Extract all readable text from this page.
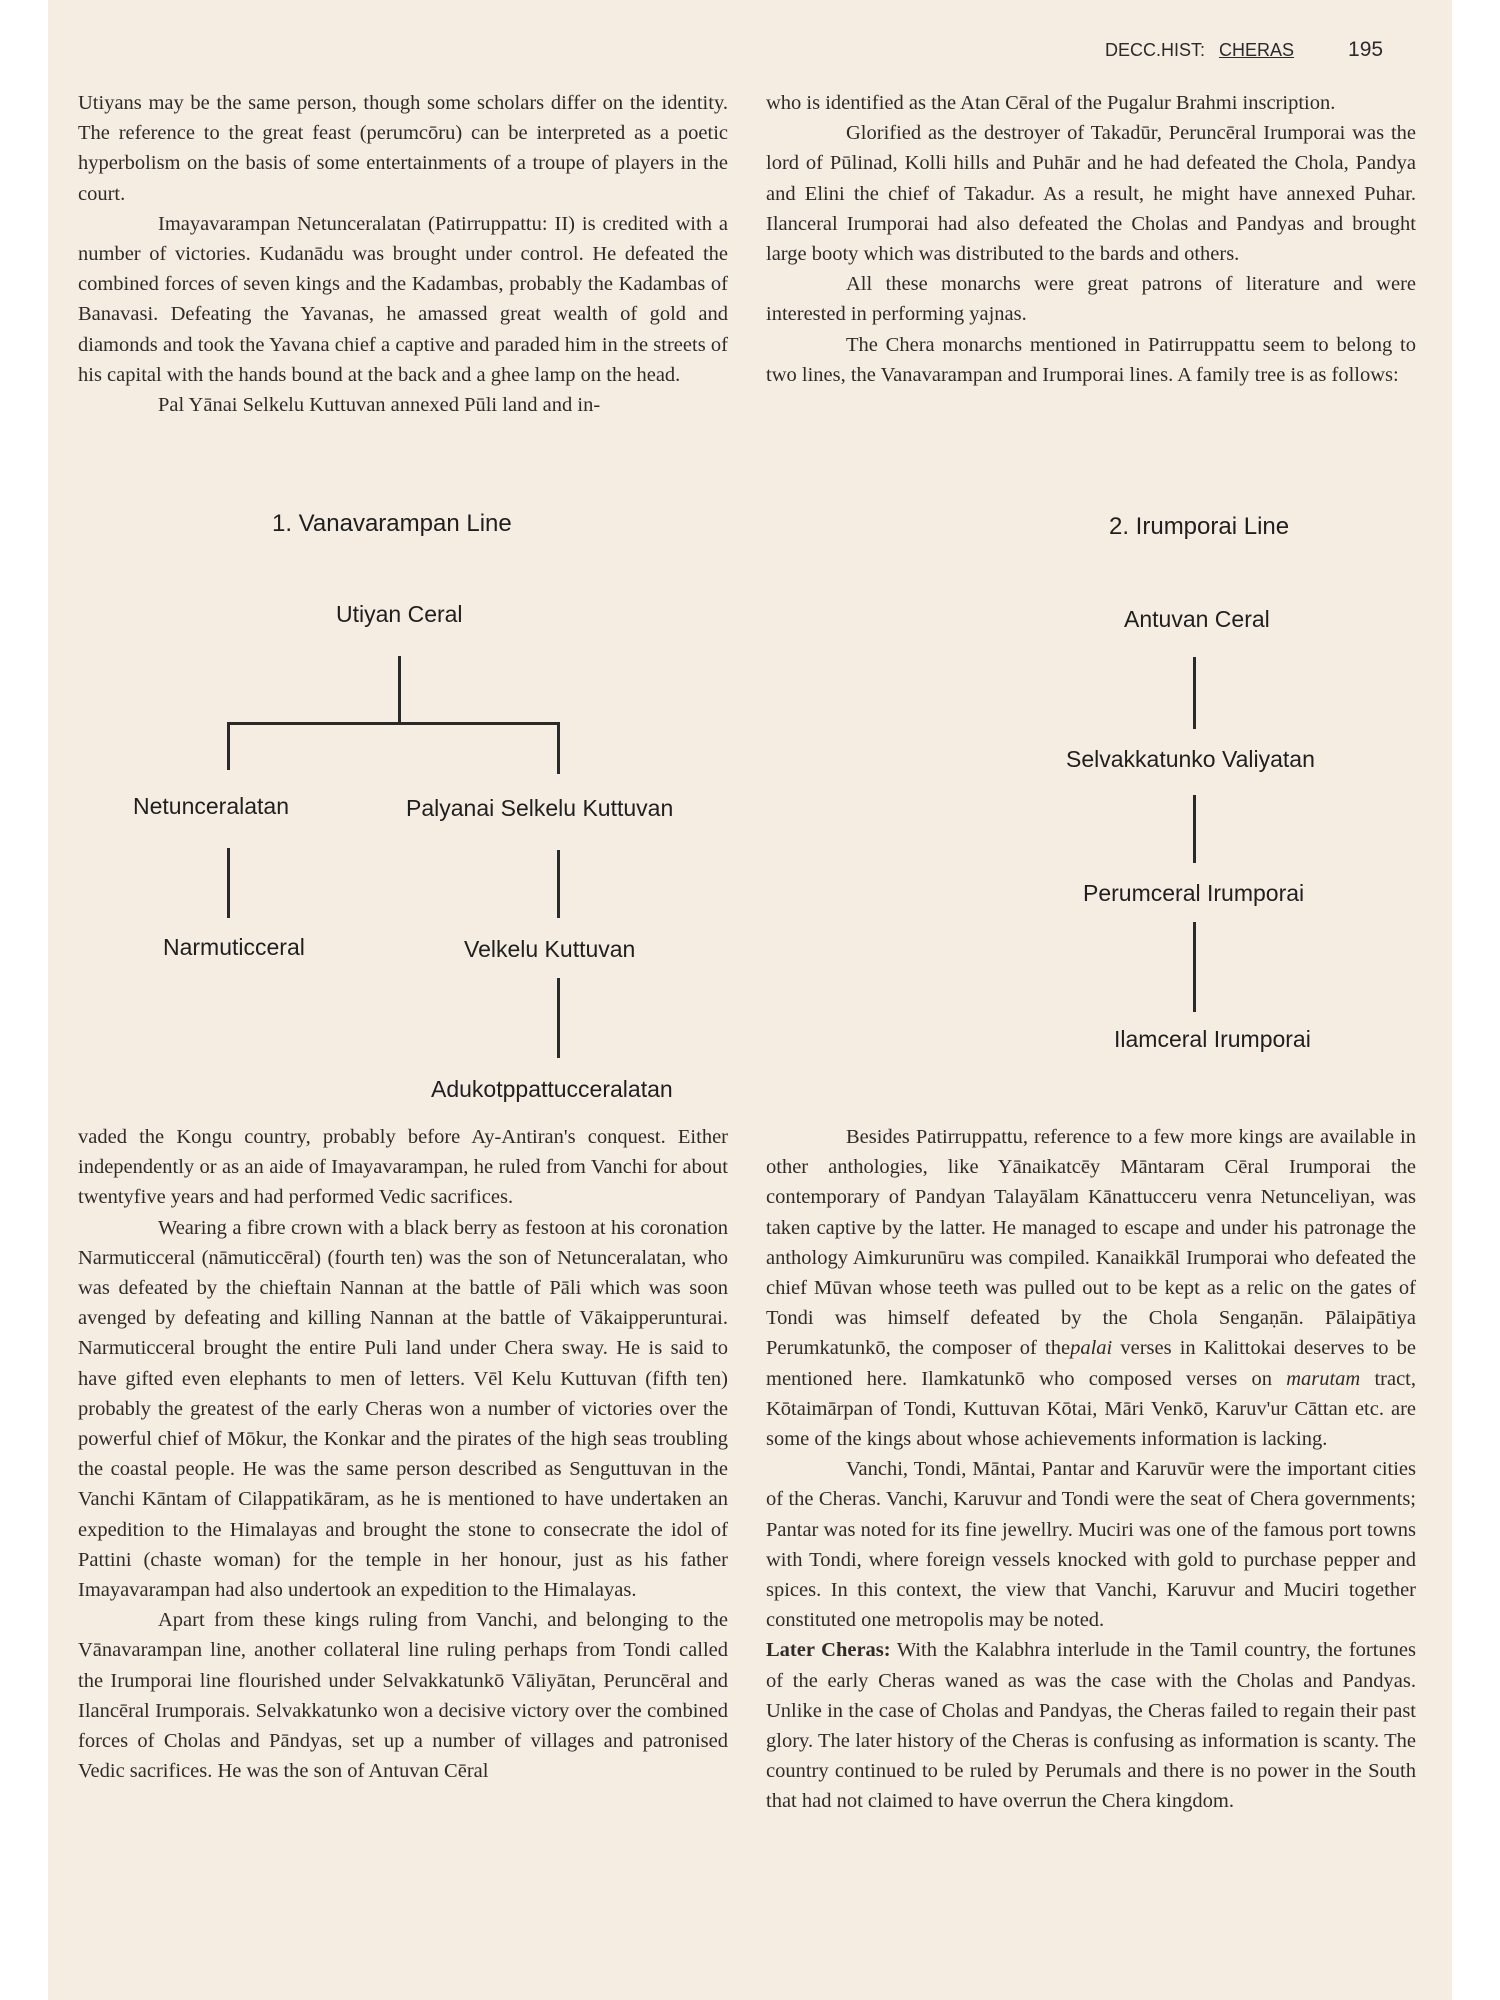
DECC.HIST: CHERAS	195

Utiyans may be the same person, though some scholars differ on the identity. The reference to the great feast (perumcōru) can be interpreted as a poetic hyperbolism on the basis of some entertainments of a troupe of players in the court.

Imayavarampan Netunceralatan (Patirruppattu: II) is credited with a number of victories. Kudanādu was brought under control. He defeated the combined forces of seven kings and the Kadambas, probably the Kadambas of Banavasi. Defeating the Yavanas, he amassed great wealth of gold and diamonds and took the Yavana chief a captive and paraded him in the streets of his capital with the hands bound at the back and a ghee lamp on the head.

Pal Yānai Selkelu Kuttuvan annexed Pūli land and in-

who is identified as the Atan Cēral of the Pugalur Brahmi inscription.

Glorified as the destroyer of Takadūr, Peruncēral Irumporai was the lord of Pūlinad, Kolli hills and Puhār and he had defeated the Chola, Pandya and Elini the chief of Takadur. As a result, he might have annexed Puhar. Ilanceral Irumporai had also defeated the Cholas and Pandyas and brought large booty which was distributed to the bards and others.

All these monarchs were great patrons of literature and were interested in performing yajnas.

The Chera monarchs mentioned in Patirruppattu seem to belong to two lines, the Vanavarampan and Irumporai lines. A family tree is as follows:

1. Vanavarampan Line
Utiyan Ceral
Netunceralatan	Palyanai Selkelu Kuttuvan
Narmuticceral	Velkelu Kuttuvan
Adukotppattucceralatan
2. Irumporai Line
Antuvan Ceral
Selvakkatunko Valiyatan
Perumceral Irumporai
Ilamceral Irumporai

vaded the Kongu country, probably before Ay-Antiran's conquest. Either independently or as an aide of Imayavarampan, he ruled from Vanchi for about twentyfive years and had performed Vedic sacrifices.

Wearing a fibre crown with a black berry as festoon at his coronation Narmuticceral (nāmuticcēral) (fourth ten) was the son of Netunceralatan, who was defeated by the chieftain Nannan at the battle of Pāli which was soon avenged by defeating and killing Nannan at the battle of Vākaipperunturai. Narmuticceral brought the entire Puli land under Chera sway. He is said to have gifted even elephants to men of letters. Vēl Kelu Kuttuvan (fifth ten) probably the greatest of the early Cheras won a number of victories over the powerful chief of Mōkur, the Konkar and the pirates of the high seas troubling the coastal people. He was the same person described as Senguttuvan in the Vanchi Kāntam of Cilappatikāram, as he is mentioned to have undertaken an expedition to the Himalayas and brought the stone to consecrate the idol of Pattini (chaste woman) for the temple in her honour, just as his father Imayavarampan had also undertook an expedition to the Himalayas.

Apart from these kings ruling from Vanchi, and belonging to the Vānavarampan line, another collateral line ruling perhaps from Tondi called the Irumporai line flourished under Selvakkatunkō Vāliyātan, Peruncēral and Ilancēral Irumporais. Selvakkatunko won a decisive victory over the combined forces of Cholas and Pāndyas, set up a number of villages and patronised Vedic sacrifices. He was the son of Antuvan Cēral

Besides Patirruppattu, reference to a few more kings are available in other anthologies, like Yānaikatcēy Māntaram Cēral Irumporai the contemporary of Pandyan Talayālam Kānattucceru venra Netunceliyan, was taken captive by the latter. He managed to escape and under his patronage the anthology Aimkurunūru was compiled. Kanaikkāl Irumporai who defeated the chief Mūvan whose teeth was pulled out to be kept as a relic on the gates of Tondi was himself defeated by the Chola Sengaṇān. Pālaipātiya Perumkatunkō, the composer of thepalai verses in Kalittokai deserves to be mentioned here. Ilamkatunkō who composed verses on marutam tract, Kōtaimārpan of Tondi, Kuttuvan Kōtai, Māri Venkō, Karuv'ur Cāttan etc. are some of the kings about whose achievements information is lacking.

Vanchi, Tondi, Māntai, Pantar and Karuvūr were the important cities of the Cheras. Vanchi, Karuvur and Tondi were the seat of Chera governments; Pantar was noted for its fine jewellry. Muciri was one of the famous port towns with Tondi, where foreign vessels knocked with gold to purchase pepper and spices. In this context, the view that Vanchi, Karuvur and Muciri together constituted one metropolis may be noted.

Later Cheras: With the Kalabhra interlude in the Tamil country, the fortunes of the early Cheras waned as was the case with the Cholas and Pandyas. Unlike in the case of Cholas and Pandyas, the Cheras failed to regain their past glory. The later history of the Cheras is confusing as information is scanty. The country continued to be ruled by Perumals and there is no power in the South that had not claimed to have overrun the Chera kingdom.
